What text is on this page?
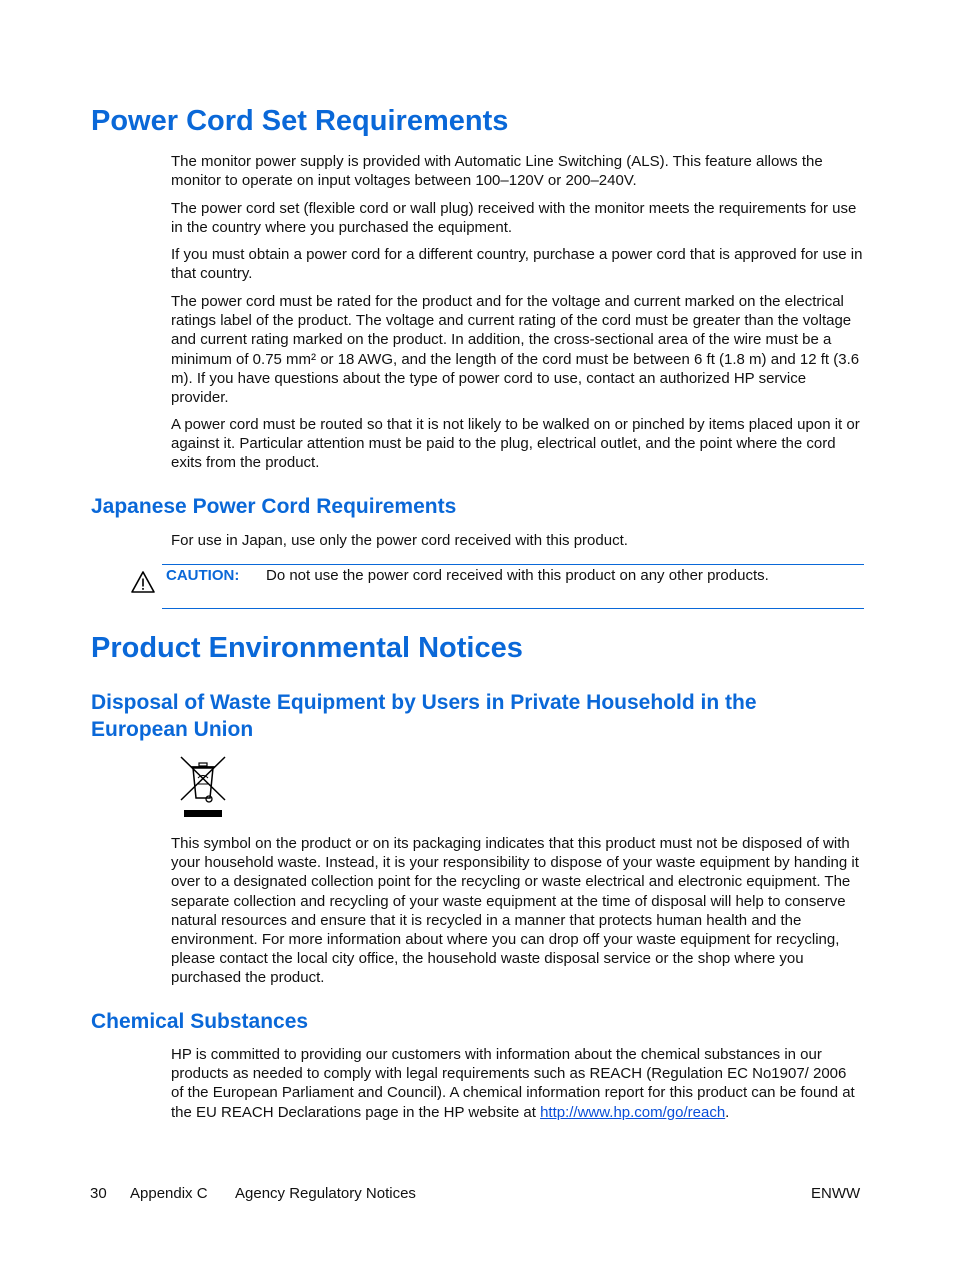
Power Cord Set Requirements

The monitor power supply is provided with Automatic Line Switching (ALS). This feature allows the monitor to operate on input voltages between 100–120V or 200–240V.

The power cord set (flexible cord or wall plug) received with the monitor meets the requirements for use in the country where you purchased the equipment.

If you must obtain a power cord for a different country, purchase a power cord that is approved for use in that country.

The power cord must be rated for the product and for the voltage and current marked on the electrical ratings label of the product. The voltage and current rating of the cord must be greater than the voltage and current rating marked on the product. In addition, the cross-sectional area of the wire must be a minimum of 0.75 mm² or 18 AWG, and the length of the cord must be between 6 ft (1.8 m) and 12 ft (3.6 m). If you have questions about the type of power cord to use, contact an authorized HP service provider.

A power cord must be routed so that it is not likely to be walked on or pinched by items placed upon it or against it. Particular attention must be paid to the plug, electrical outlet, and the point where the cord exits from the product.

Japanese Power Cord Requirements

For use in Japan, use only the power cord received with this product.

CAUTION: Do not use the power cord received with this product on any other products.
Product Environmental Notices
Disposal of Waste Equipment by Users in Private Household in the
European Union

This symbol on the product or on its packaging indicates that this product must not be disposed of with your household waste. Instead, it is your responsibility to dispose of your waste equipment by handing it over to a designated collection point for the recycling or waste electrical and electronic equipment. The separate collection and recycling of your waste equipment at the time of disposal will help to conserve natural resources and ensure that it is recycled in a manner that protects human health and the environment. For more information about where you can drop off your waste equipment for recycling, please contact the local city office, the household waste disposal service or the shop where you purchased the product.

Chemical Substances

HP is committed to providing our customers with information about the chemical substances in our products as needed to comply with legal requirements such as REACH (Regulation EC No1907/ 2006 of the European Parliament and Council). A chemical information report for this product can be found at the EU REACH Declarations page in the HP website at http://www.hp.com/go/reach.

30 Appendix C Agency Regulatory Notices	ENWW
